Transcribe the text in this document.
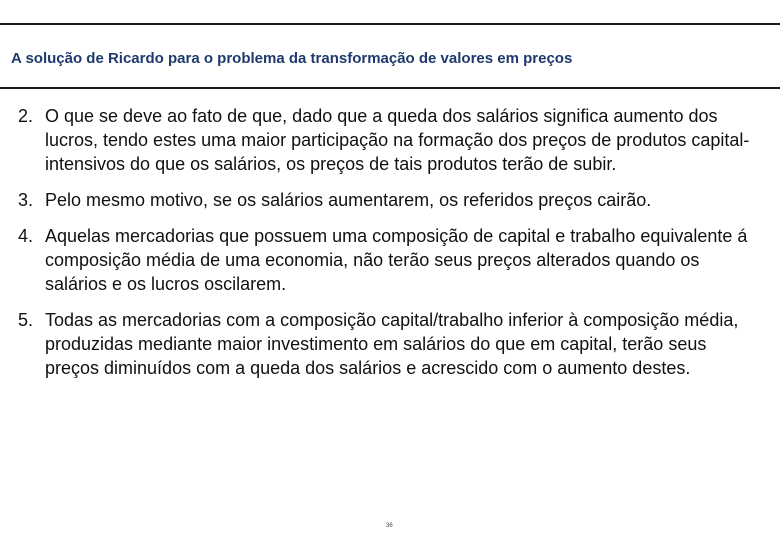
A solução de Ricardo para o problema da transformação de valores em preços
2. O que se deve ao fato de que, dado que a queda dos salários significa aumento dos lucros, tendo estes uma maior participação na formação dos preços de produtos capital-intensivos do que os salários, os preços de tais produtos terão de subir.
3. Pelo mesmo motivo, se os salários aumentarem, os referidos preços cairão.
4. Aquelas mercadorias que possuem uma composição de capital e trabalho equivalente á composição média de uma economia, não terão seus preços alterados quando os salários e os lucros oscilarem.
5. Todas as mercadorias com a composição capital/trabalho inferior à composição média, produzidas mediante maior investimento em salários do que em capital, terão seus preços diminuídos com a queda dos salários e acrescido com o aumento destes.
36
